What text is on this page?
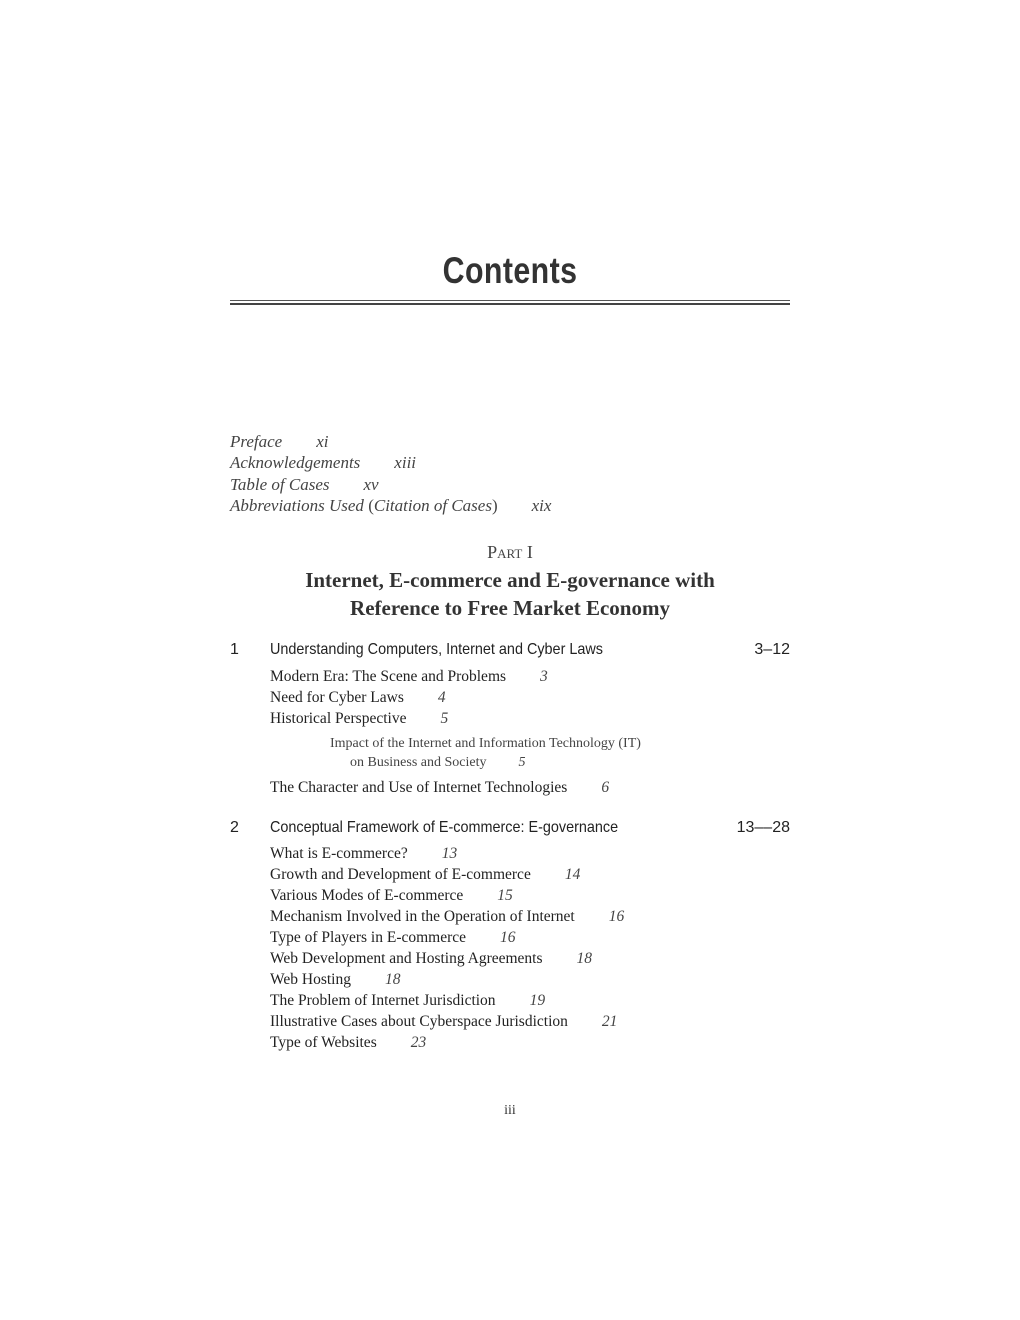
Contents
Preface xi
Acknowledgements xiii
Table of Cases xv
Abbreviations Used (Citation of Cases) xix
PART I
Internet, E-commerce and E-governance with
Reference to Free Market Economy
1 Understanding Computers, Internet and Cyber Laws	3–12
Modern Era: The Scene and Problems 3
Need for Cyber Laws 4
Historical Perspective 5
Impact of the Internet and Information Technology (IT)
on Business and Society 5
The Character and Use of Internet Technologies 6
2 Conceptual Framework of E-commerce: E-governance	13––28
What is E-commerce? 13
Growth and Development of E-commerce 14
Various Modes of E-commerce 15
Mechanism Involved in the Operation of Internet 16
Type of Players in E-commerce 16
Web Development and Hosting Agreements 18
Web Hosting 18
The Problem of Internet Jurisdiction 19
Illustrative Cases about Cyberspace Jurisdiction 21
Type of Websites 23
iii
